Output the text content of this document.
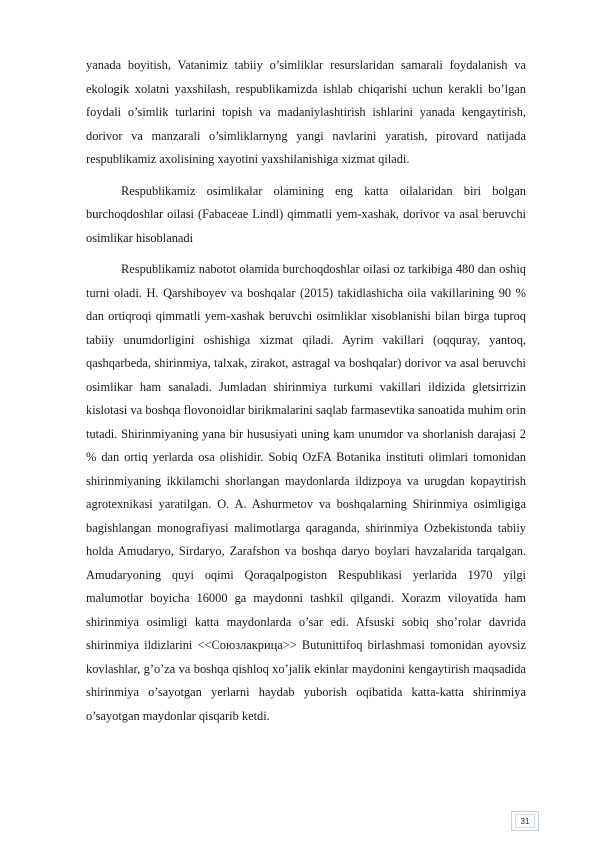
yanada boyitish, Vatanimiz tabiiy o’simliklar resurslaridan samarali foydalanish va ekologik xolatni yaxshilash, respublikamizda ishlab chiqarishi uchun kerakli bo’lgan foydali o’simlik turlarini topish va madaniylashtirish ishlarini yanada kengaytirish, dorivor va manzarali o’simliklarnyng yangi navlarini yaratish, pirovard natijada respublikamiz axolisining xayotini yaxshilanishiga xizmat qiladi.

Respublikamiz osimlikalar olamining eng katta oilalaridan biri bolgan burchoqdoshlar oilasi (Fabaceae Lindl) qimmatli yem-xashak, dorivor va asal beruvchi osimlikar hisoblanadi

Respublikamiz nabotot olamida burchoqdoshlar oilasi oz tarkibiga 480 dan oshiq turni oladi. H. Qarshiboyev va boshqalar (2015) takidlashicha oila vakillarining 90 % dan ortiqroqi qimmatli yem-xashak beruvchi osimliklar xisoblanishi bilan birga tuproq tabiiy unumdorligini oshishiga xizmat qiladi. Ayrim vakillari (oqquray, yantoq, qashqarbeda, shirinmiya, talxak, zirakot, astragal va boshqalar) dorivor va asal beruvchi osimlikar ham sanaladi. Jumladan shirinmiya turkumi vakillari ildizida gletsirrizin kislotasi va boshqa flovonoidlar birikmalarini saqlab farmasevtika sanoatida muhim orin tutadi. Shirinmiyaning yana bir hususiyati uning kam unumdor va shorlanish darajasi 2 % dan ortiq yerlarda osa olishidir. Sobiq OzFA Botanika instituti olimlari tomonidan shirinmiyaning ikkilamchi shorlangan maydonlarda ildizpoya va urugdan kopaytirish agrotexnikasi yaratilgan. O. A. Ashurmetov va boshqalarning Shirinmiya osimligiga bagishlangan monografiyasi malimotlarga qaraganda, shirinmiya Ozbekistonda tabiiy holda Amudaryo, Sirdaryo, Zarafshon va boshqa daryo boylari havzalarida tarqalgan. Amudaryoning quyi oqimi Qoraqalpogiston Respublikasi yerlarida 1970 yilgi malumotlar boyicha 16000 ga maydonni tashkil qilgandi. Xorazm viloyatida ham shirinmiya osimligi katta maydonlarda o’sar edi. Afsuski sobiq sho’rolar davrida shirinmiya ildizlarini <<Союзлакрица>> Butunittifoq birlashmasi tomonidan ayovsiz kovlashlar, g’o’za va boshqa qishloq xo’jalik ekinlar maydonini kengaytirish maqsadida shirinmiya o’sayotgan yerlarni haydab yuborish oqibatida katta-katta shirinmiya o’sayotgan maydonlar qisqarib ketdi.

31
